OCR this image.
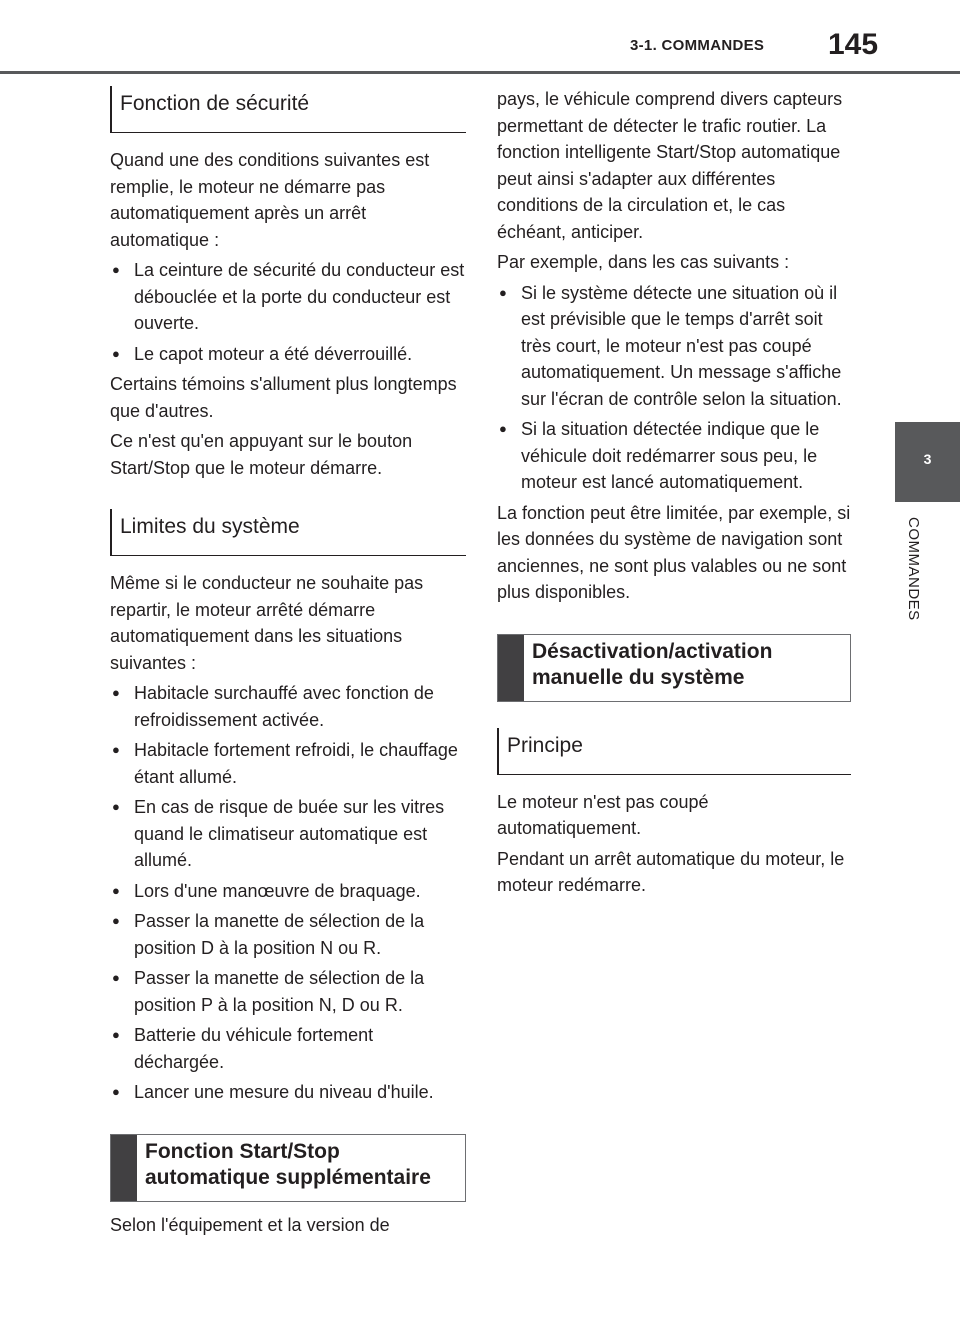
3-1. COMMANDES 145
3
COMMANDES
Fonction de sécurité

Quand une des conditions suivantes est remplie, le moteur ne démarre pas automatiquement après un arrêt automatique :

● La ceinture de sécurité du conducteur est débouclée et la porte du conducteur est ouverte.
● Le capot moteur a été déverrouillé.

Certains témoins s'allument plus longtemps que d'autres.

Ce n'est qu'en appuyant sur le bouton Start/Stop que le moteur démarre.

Limites du système

Même si le conducteur ne souhaite pas repartir, le moteur arrêté démarre automatiquement dans les situations suivantes :

● Habitacle surchauffé avec fonction de refroidissement activée.
● Habitacle fortement refroidi, le chauffage étant allumé.
● En cas de risque de buée sur les vitres quand le climatiseur automatique est allumé.
● Lors d'une manœuvre de braquage.
● Passer la manette de sélection de la position D à la position N ou R.
● Passer la manette de sélection de la position P à la position N, D ou R.
● Batterie du véhicule fortement déchargée.
● Lancer une mesure du niveau d'huile.
Fonction Start/Stop automatique supplémentaire

Selon l'équipement et la version de

pays, le véhicule comprend divers capteurs permettant de détecter le trafic routier. La fonction intelligente Start/Stop automatique peut ainsi s'adapter aux différentes conditions de la circulation et, le cas échéant, anticiper.

Par exemple, dans les cas suivants :

● Si le système détecte une situation où il est prévisible que le temps d'arrêt soit très court, le moteur n'est pas coupé automatiquement. Un message s'affiche sur l'écran de contrôle selon la situation.
● Si la situation détectée indique que le véhicule doit redémarrer sous peu, le moteur est lancé automatiquement.

La fonction peut être limitée, par exemple, si les données du système de navigation sont anciennes, ne sont plus valables ou ne sont plus disponibles.

Désactivation/activation manuelle du système
Principe

Le moteur n'est pas coupé automatiquement.

Pendant un arrêt automatique du moteur, le moteur redémarre.
